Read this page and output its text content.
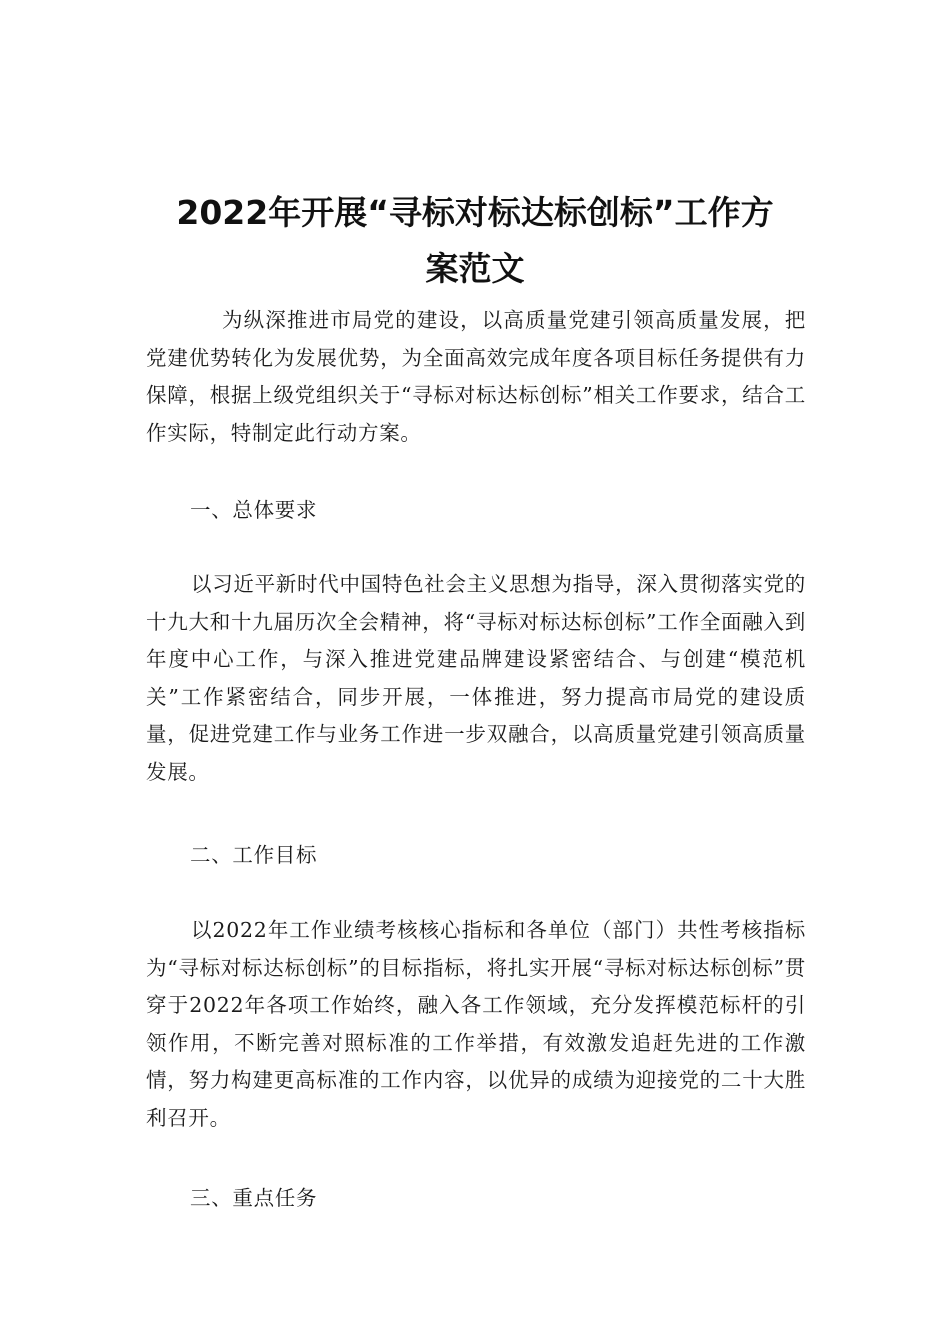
2022年开展“寻标对标达标创标”工作方
案范文

为纵深推进市局党的建设，以高质量党建引领高质量发展，把党建优势转化为发展优势，为全面高效完成年度各项目标任务提供有力保障，根据上级党组织关于“寻标对标达标创标”相关工作要求，结合工作实际，特制定此行动方案。

一、总体要求

以习近平新时代中国特色社会主义思想为指导，深入贯彻落实党的十九大和十九届历次全会精神，将“寻标对标达标创标”工作全面融入到年度中心工作，与深入推进党建品牌建设紧密结合、与创建“模范机关”工作紧密结合，同步开展，一体推进，努力提高市局党的建设质量，促进党建工作与业务工作进一步双融合，以高质量党建引领高质量发展。

二、工作目标

以2022年工作业绩考核核心指标和各单位（部门）共性考核指标为“寻标对标达标创标”的目标指标，将扎实开展“寻标对标达标创标”贯穿于2022年各项工作始终，融入各工作领域，充分发挥模范标杆的引领作用，不断完善对照标准的工作举措，有效激发追赶先进的工作激情，努力构建更高标准的工作内容，以优异的成绩为迎接党的二十大胜利召开。

三、重点任务
